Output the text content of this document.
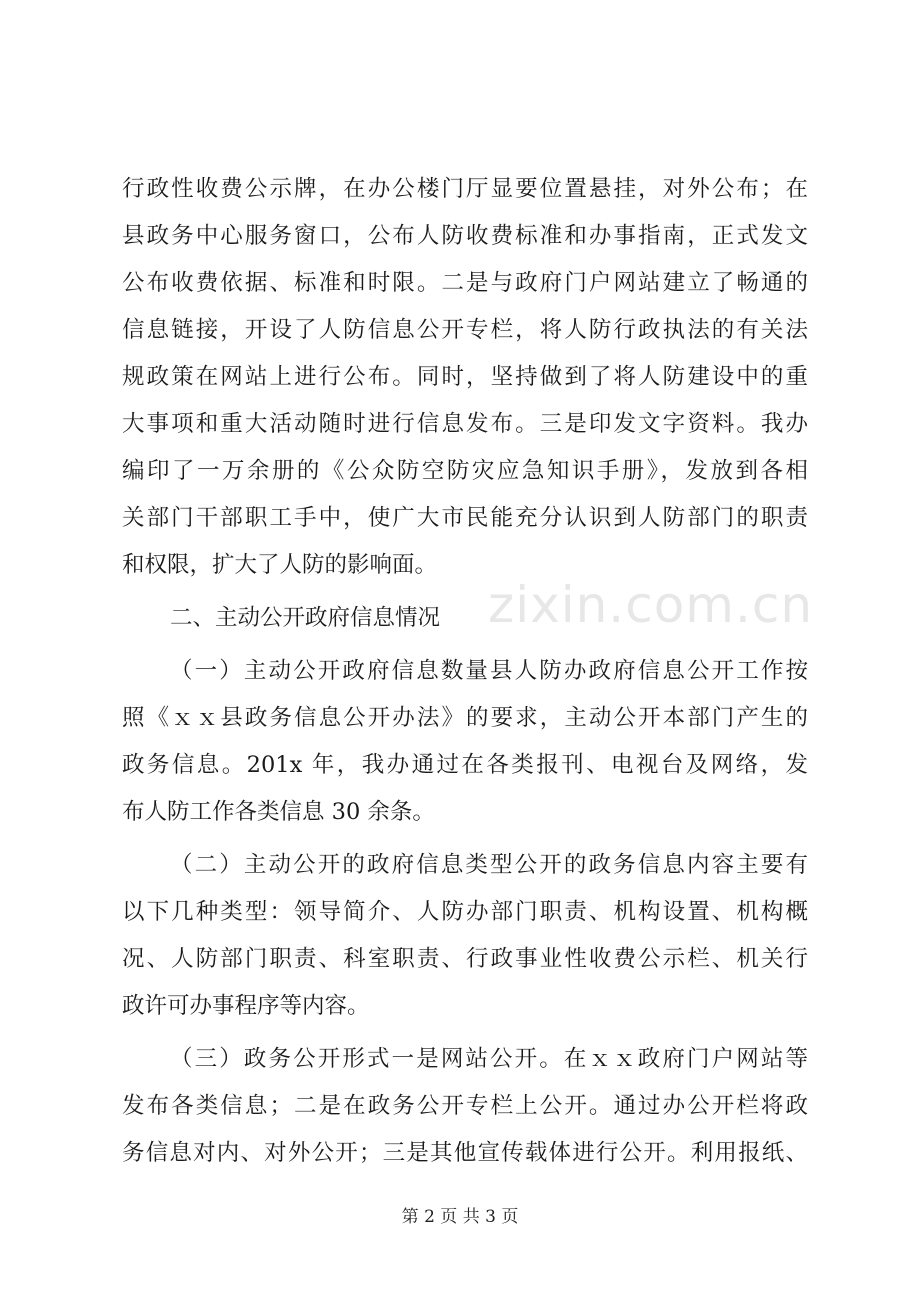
行政性收费公示牌，在办公楼门厅显要位置悬挂，对外公布；在
县政务中心服务窗口，公布人防收费标准和办事指南，正式发文
公布收费依据、标准和时限。二是与政府门户网站建立了畅通的
信息链接，开设了人防信息公开专栏，将人防行政执法的有关法
规政策在网站上进行公布。同时，坚持做到了将人防建设中的重
大事项和重大活动随时进行信息发布。三是印发文字资料。我办
编印了一万余册的《公众防空防灾应急知识手册》，发放到各相
关部门干部职工手中，使广大市民能充分认识到人防部门的职责
和权限，扩大了人防的影响面。
二、主动公开政府信息情况
（一）主动公开政府信息数量县人防办政府信息公开工作按
照《ｘｘ县政务信息公开办法》的要求，主动公开本部门产生的
政务信息。201x 年，我办通过在各类报刊、电视台及网络，发
布人防工作各类信息 30 余条。
（二）主动公开的政府信息类型公开的政务信息内容主要有
以下几种类型：领导简介、人防办部门职责、机构设置、机构概
况、人防部门职责、科室职责、行政事业性收费公示栏、机关行
政许可办事程序等内容。
（三）政务公开形式一是网站公开。在ｘｘ政府门户网站等
发布各类信息；二是在政务公开专栏上公开。通过办公开栏将政
务信息对内、对外公开；三是其他宣传载体进行公开。利用报纸、
zixin.com.cn
第 2 页 共 3 页
